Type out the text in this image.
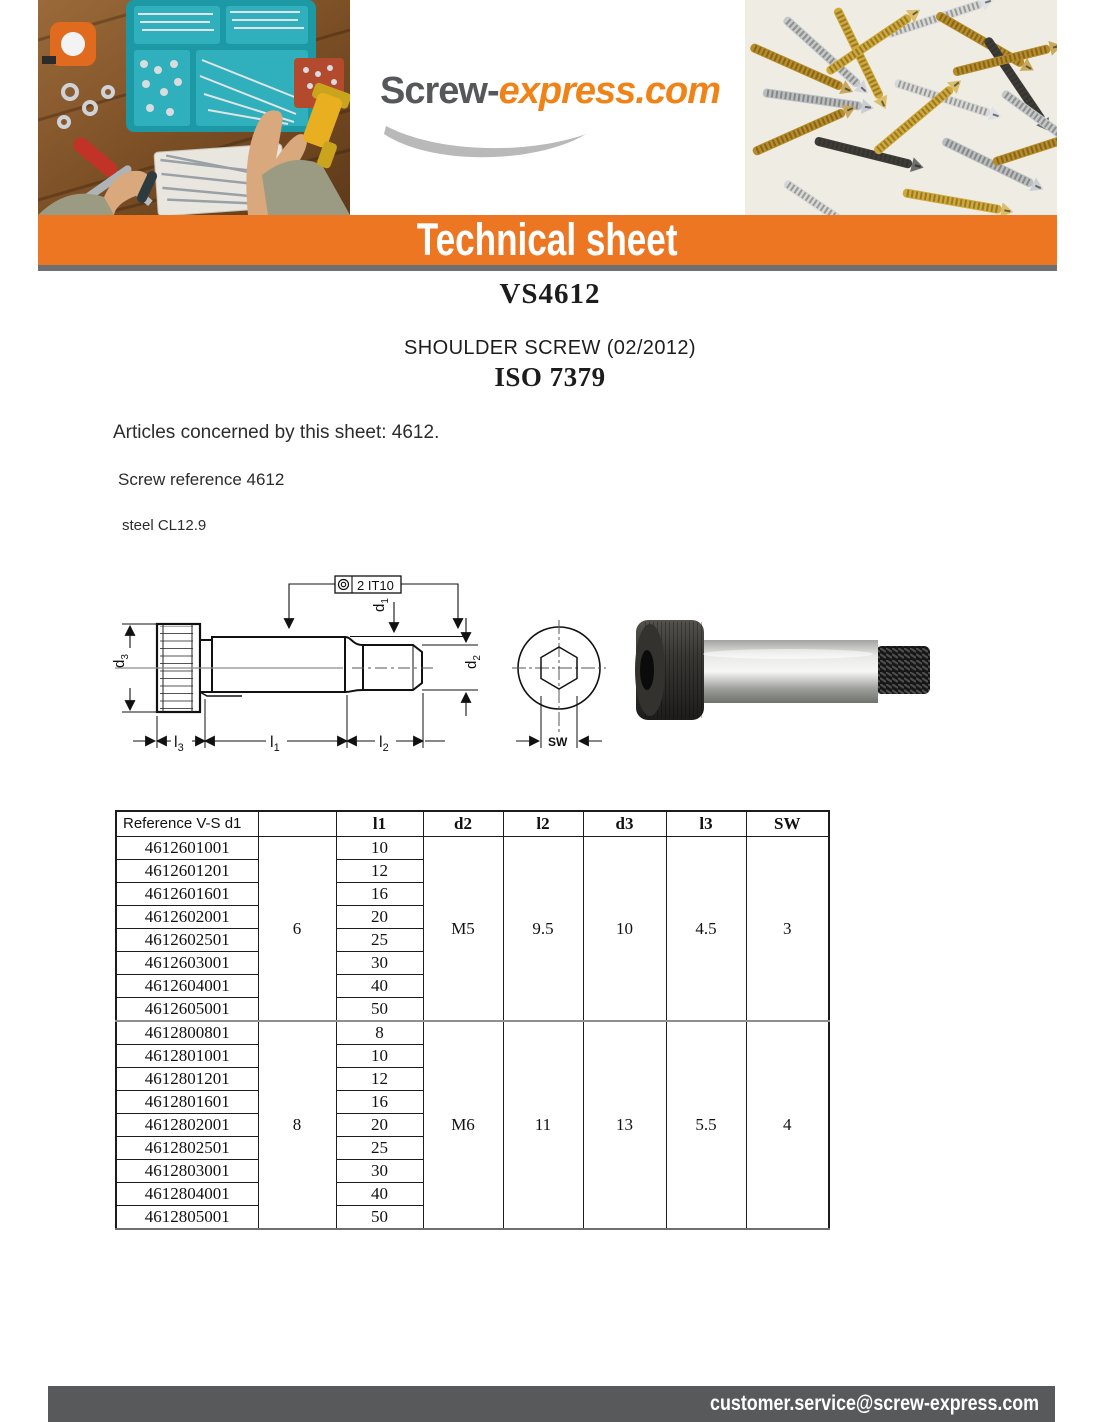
Screw-express.com
Technical sheet
VS4612
SHOULDER SCREW (02/2012)
ISO 7379
Articles concerned by this sheet: 4612.
Screw reference 4612
steel CL12.9
2 IT10
$d_1$
$d_2$
$d_3$
$l_3$	$l_1$	$l_2$	SW
Reference V-S d1		l1	d2	l2	d3	l3	SW
4612601001	6	10	M5	9.5	10	4.5	3
4612601201		12					
4612601601		16					
4612602001		20					
4612602501		25					
4612603001		30					
4612604001		40					
4612605001		50					
4612800801	8	8	M6	11	13	5.5	4
4612801001		10					
4612801201		12					
4612801601		16					
4612802001		20					
4612802501		25					
4612803001		30					
4612804001		40					
4612805001		50					
customer.service@screw-express.com
